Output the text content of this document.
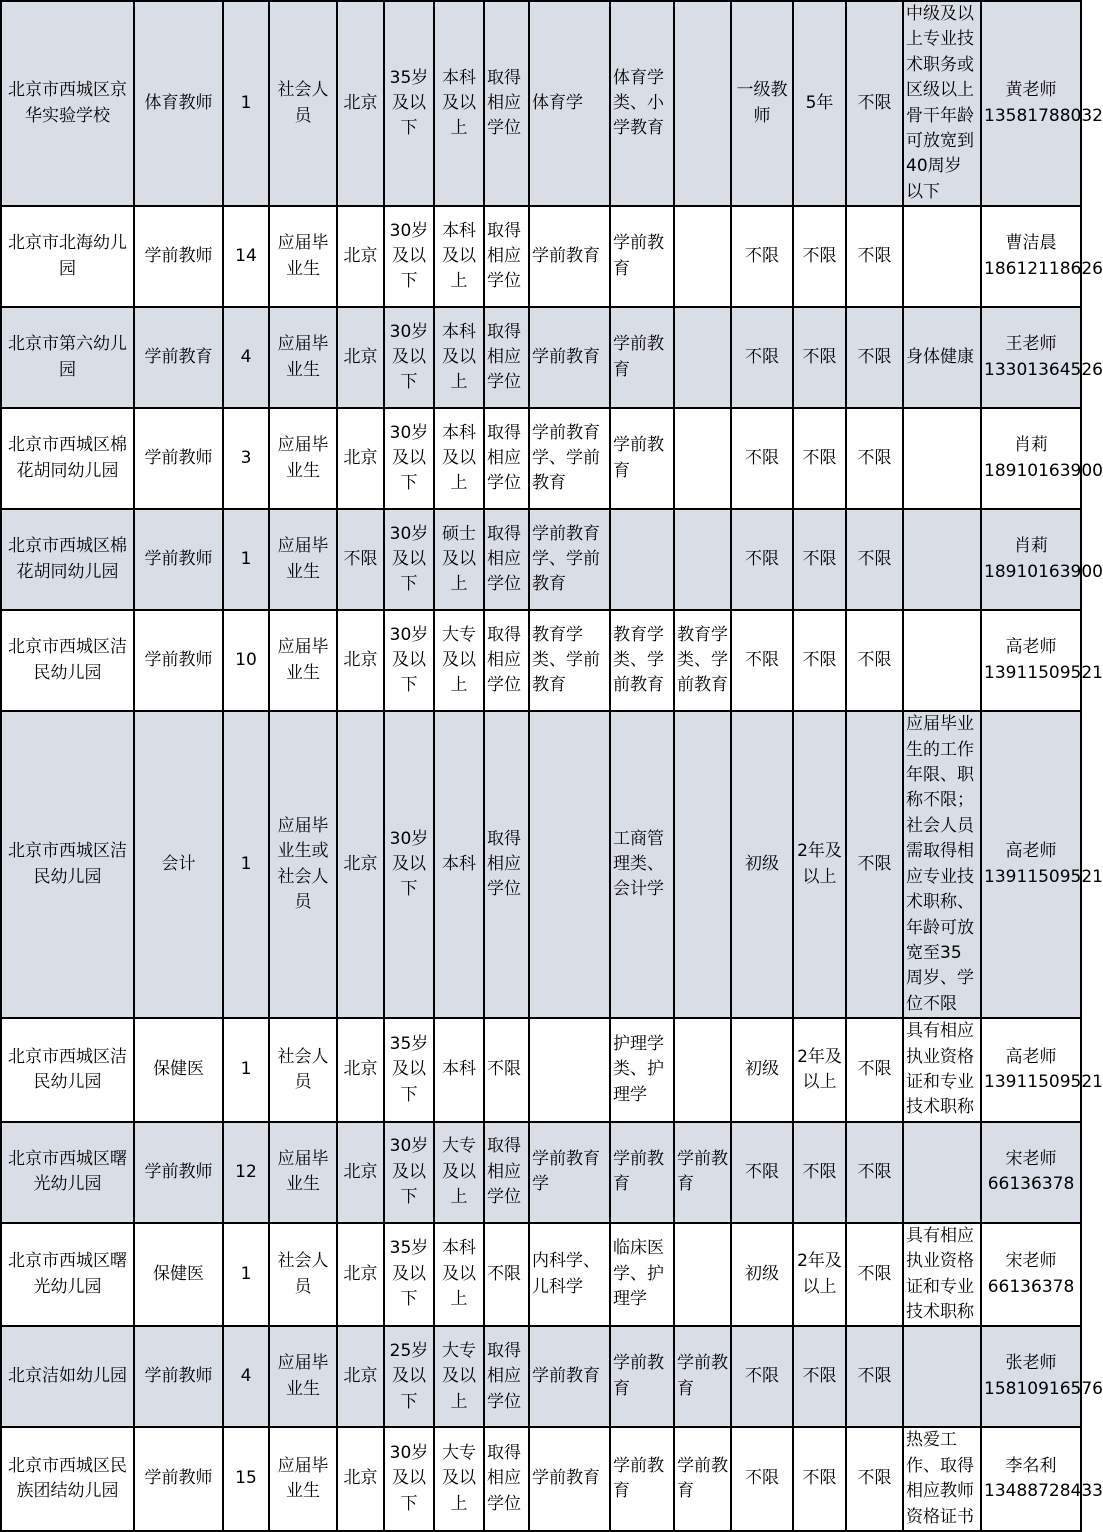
北京市西城区京华实验学校	体育教师	1	社会人员	北京	35岁及以下	本科及以上	取得相应学位	体育学	体育学类、小学教育		一级教师	5年	不限	中级及以上专业技术职务或区级以上骨干年龄可放宽到40周岁以下	黄老师13581788032
北京市北海幼儿园	学前教师	14	应届毕业生	北京	30岁及以下	本科及以上	取得相应学位	学前教育	学前教育		不限	不限	不限		曹洁晨18612118626
北京市第六幼儿园	学前教育	4	应届毕业生	北京	30岁及以下	本科及以上	取得相应学位	学前教育	学前教育		不限	不限	不限	身体健康	王老师13301364526
北京市西城区棉花胡同幼儿园	学前教师	3	应届毕业生	北京	30岁及以下	本科及以上	取得相应学位	学前教育学、学前教育	学前教育		不限	不限	不限		肖莉18910163900
北京市西城区棉花胡同幼儿园	学前教师	1	应届毕业生	不限	30岁及以下	硕士及以上	取得相应学位	学前教育学、学前教育			不限	不限	不限		肖莉18910163900
北京市西城区洁民幼儿园	学前教师	10	应届毕业生	北京	30岁及以下	大专及以上	取得相应学位	教育学类、学前教育	教育学类、学前教育	教育学类、学前教育	不限	不限	不限		高老师13911509521
北京市西城区洁民幼儿园	会计	1	应届毕业生或社会人员	北京	30岁及以下	本科	取得相应学位		工商管理类、会计学		初级	2年及以上	不限	应届毕业生的工作年限、职称不限；社会人员需取得相应专业技术职称、年龄可放宽至35周岁、学位不限	高老师13911509521
北京市西城区洁民幼儿园	保健医	1	社会人员	北京	35岁及以下	本科	不限		护理学类、护理学		初级	2年及以上	不限	具有相应执业资格证和专业技术职称	高老师13911509521
北京市西城区曙光幼儿园	学前教师	12	应届毕业生	北京	30岁及以下	大专及以上	取得相应学位	学前教育学	学前教育	学前教育	不限	不限	不限		宋老师66136378
北京市西城区曙光幼儿园	保健医	1	社会人员	北京	35岁及以下	本科及以上	不限	内科学、儿科学	临床医学、护理学		初级	2年及以上	不限	具有相应执业资格证和专业技术职称	宋老师66136378
北京洁如幼儿园	学前教师	4	应届毕业生	北京	25岁及以下	大专及以上	取得相应学位	学前教育	学前教育	学前教育	不限	不限	不限		张老师15810916576
北京市西城区民族团结幼儿园	学前教师	15	应届毕业生	北京	30岁及以下	大专及以上	取得相应学位	学前教育	学前教育	学前教育	不限	不限	不限	热爱工作、取得相应教师资格证书	李名利13488728433
